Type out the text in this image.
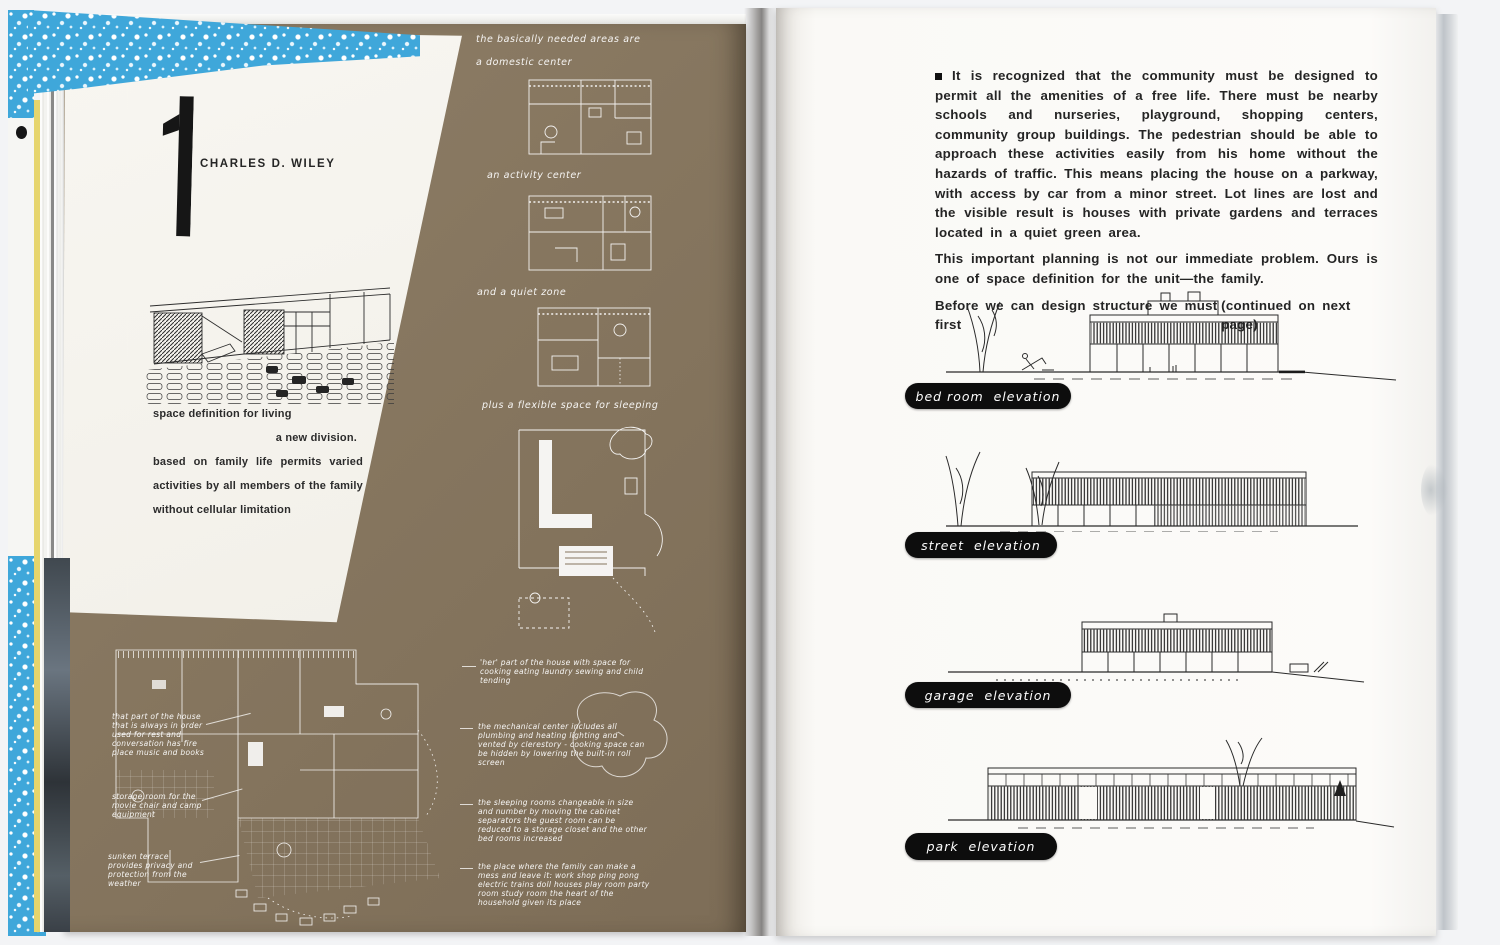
CHARLES D. WILEY
space definition for living
a new division.
based on family life permits varied
activities by all members of the family
without cellular limitation
the basically needed areas are
a domestic center
an activity center
and a quiet zone
plus a flexible space for sleeping
that part of the house that is always in order used for rest and conversation has fire place music and books
storage room for the movie chair and camp equipment
sunken terrace provides privacy and protection from the weather
'her' part of the house with space for cooking eating laundry sewing and child tending
the mechanical center includes all plumbing and heating lighting and vented by clerestory - cooking space can be hidden by lowering the built-in roll screen
the sleeping rooms changeable in size and number by moving the cabinet separators the guest room can be reduced to a storage closet and the other bed rooms increased
the place where the family can make a mess and leave it: work shop ping pong electric trains doll houses play room party room study room the heart of the household given its place

It is recognized that the community must be designed to permit all the amenities of a free life. There must be nearby schools and nurseries, playground, shopping centers, community group buildings. The pedestrian should be able to approach these activities easily from his home without the hazards of traffic. This means placing the house on a parkway, with access by car from a minor street. Lot lines are lost and the visible result is houses with private gardens and terraces located in a quiet green area.

This important planning is not our immediate problem. Ours is one of space definition for the unit—the family.

Before we can design structure we must first
(continued on next page)

bed room  elevation
street  elevation
garage  elevation
park  elevation
